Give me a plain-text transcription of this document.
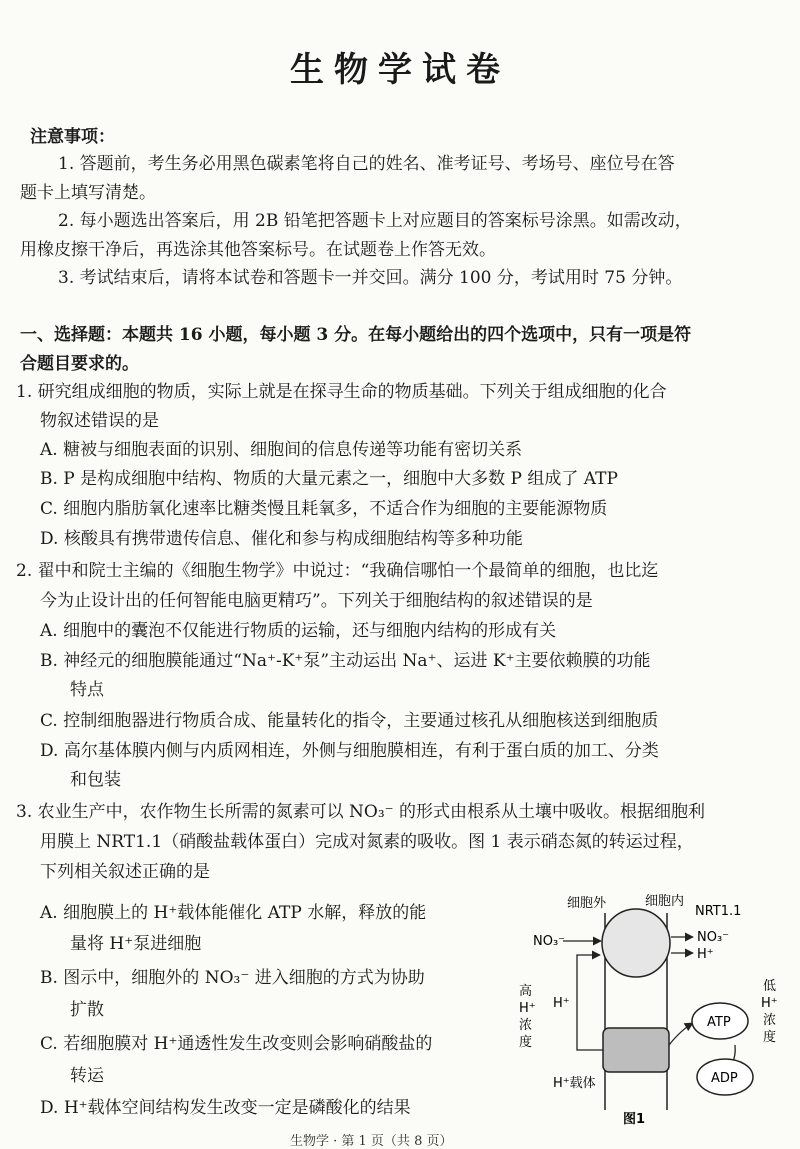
生物学试卷
注意事项：
1. 答题前，考生务必用黑色碳素笔将自己的姓名、准考证号、考场号、座位号在答
题卡上填写清楚。
2. 每小题选出答案后，用 2B 铅笔把答题卡上对应题目的答案标号涂黑。如需改动，
用橡皮擦干净后，再选涂其他答案标号。在试题卷上作答无效。
3. 考试结束后，请将本试卷和答题卡一并交回。满分 100 分，考试用时 75 分钟。
一、选择题：本题共 16 小题，每小题 3 分。在每小题给出的四个选项中，只有一项是符
合题目要求的。
1. 研究组成细胞的物质，实际上就是在探寻生命的物质基础。下列关于组成细胞的化合
物叙述错误的是
A. 糖被与细胞表面的识别、细胞间的信息传递等功能有密切关系
B. P 是构成细胞中结构、物质的大量元素之一，细胞中大多数 P 组成了 ATP
C. 细胞内脂肪氧化速率比糖类慢且耗氧多，不适合作为细胞的主要能源物质
D. 核酸具有携带遗传信息、催化和参与构成细胞结构等多种功能
2. 翟中和院士主编的《细胞生物学》中说过：“我确信哪怕一个最简单的细胞，也比迄
今为止设计出的任何智能电脑更精巧”。下列关于细胞结构的叙述错误的是
A. 细胞中的囊泡不仅能进行物质的运输，还与细胞内结构的形成有关
B. 神经元的细胞膜能通过“Na⁺-K⁺泵”主动运出 Na⁺、运进 K⁺主要依赖膜的功能
特点
C. 控制细胞器进行物质合成、能量转化的指令，主要通过核孔从细胞核送到细胞质
D. 高尔基体膜内侧与内质网相连，外侧与细胞膜相连，有利于蛋白质的加工、分类
和包装
3. 农业生产中，农作物生长所需的氮素可以 NO₃⁻ 的形式由根系从土壤中吸收。根据细胞利
用膜上 NRT1.1（硝酸盐载体蛋白）完成对氮素的吸收。图 1 表示硝态氮的转运过程，
下列相关叙述正确的是
A. 细胞膜上的 H⁺载体能催化 ATP 水解，释放的能
量将 H⁺泵进细胞
B. 图示中，细胞外的 NO₃⁻ 进入细胞的方式为协助
扩散
C. 若细胞膜对 H⁺通透性发生改变则会影响硝酸盐的
转运
D. H⁺载体空间结构发生改变一定是磷酸化的结果
细胞外	细胞内
NRT1.1
NO₃⁻	NO₃⁻
H⁺
H⁺
高
H⁺
浓
度
低
H⁺
浓
度
ATP
ADP
H⁺载体
图1
生物学 · 第 1 页（共 8 页）
